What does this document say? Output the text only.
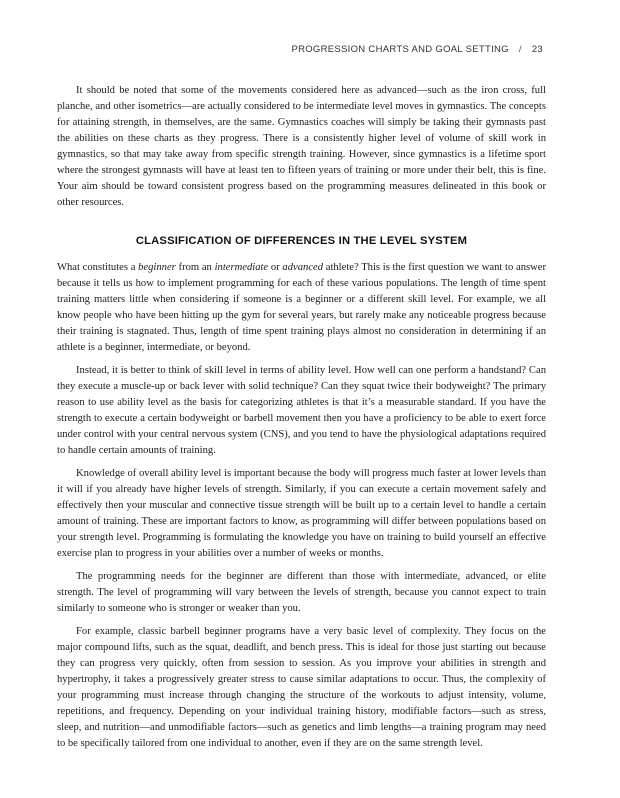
PROGRESSION CHARTS AND GOAL SETTING / 23

It should be noted that some of the movements considered here as advanced—such as the iron cross, full planche, and other isometrics—are actually considered to be intermediate level moves in gymnastics. The concepts for attaining strength, in themselves, are the same. Gymnastics coaches will simply be taking their gymnasts past the abilities on these charts as they progress. There is a consistently higher level of volume of skill work in gymnastics, so that may take away from specific strength training. However, since gymnastics is a lifetime sport where the strongest gymnasts will have at least ten to fifteen years of training or more under their belt, this is fine. Your aim should be toward consistent progress based on the programming measures delineated in this book or other resources.

CLASSIFICATION OF DIFFERENCES IN THE LEVEL SYSTEM

What constitutes a beginner from an intermediate or advanced athlete? This is the first question we want to answer because it tells us how to implement programming for each of these various populations. The length of time spent training matters little when considering if someone is a beginner or a different skill level. For example, we all know people who have been hitting up the gym for several years, but rarely make any noticeable progress because their training is stagnated. Thus, length of time spent training plays almost no consideration in determining if an athlete is a beginner, intermediate, or beyond.

Instead, it is better to think of skill level in terms of ability level. How well can one perform a handstand? Can they execute a muscle-up or back lever with solid technique? Can they squat twice their bodyweight? The primary reason to use ability level as the basis for categorizing athletes is that it’s a measurable standard. If you have the strength to execute a certain bodyweight or barbell movement then you have a proficiency to be able to exert force under control with your central nervous system (CNS), and you tend to have the physiological adaptations required to handle certain amounts of training.

Knowledge of overall ability level is important because the body will progress much faster at lower levels than it will if you already have higher levels of strength. Similarly, if you can execute a certain movement safely and effectively then your muscular and connective tissue strength will be built up to a certain level to handle a certain amount of training. These are important factors to know, as programming will differ between populations based on your strength level. Programming is formulating the knowledge you have on training to build yourself an effective exercise plan to progress in your abilities over a number of weeks or months.

The programming needs for the beginner are different than those with intermediate, advanced, or elite strength. The level of programming will vary between the levels of strength, because you cannot expect to train similarly to someone who is stronger or weaker than you.

For example, classic barbell beginner programs have a very basic level of complexity. They focus on the major compound lifts, such as the squat, deadlift, and bench press. This is ideal for those just starting out because they can progress very quickly, often from session to session. As you improve your abilities in strength and hypertrophy, it takes a progressively greater stress to cause similar adaptations to occur. Thus, the complexity of your programming must increase through changing the structure of the workouts to adjust intensity, volume, repetitions, and frequency. Depending on your individual training history, modifiable factors—such as stress, sleep, and nutrition—and unmodifiable factors—such as genetics and limb lengths—a training program may need to be specifically tailored from one individual to another, even if they are on the same strength level.
